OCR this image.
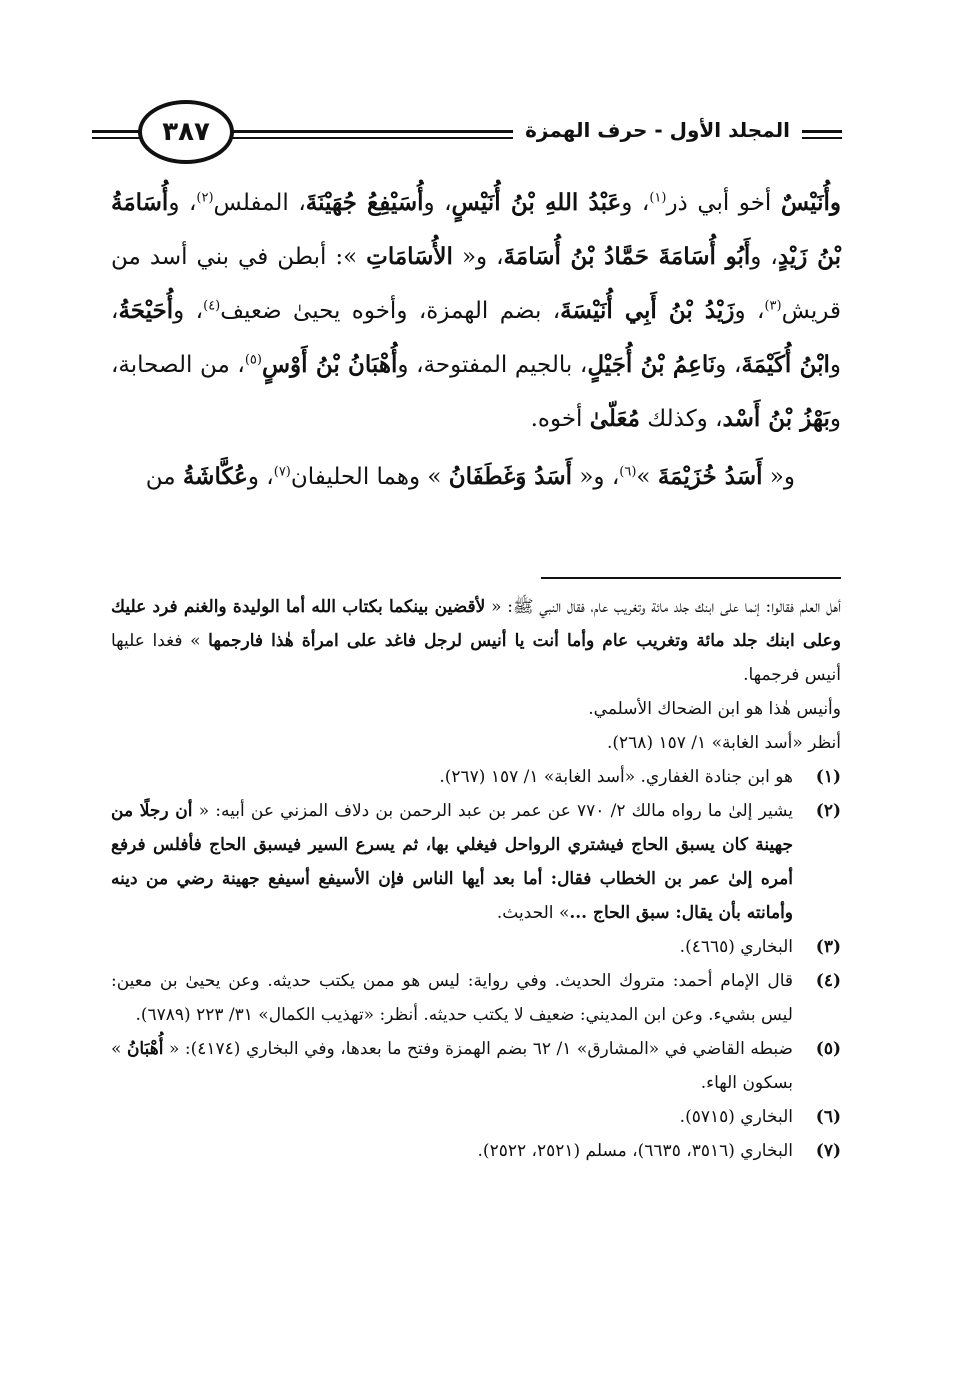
٣٨٧	المجلد الأول - حرف الهمزة

وأُنَيْسٌ أخو أبي ذر$^{(١)}$، وعَبْدُ اللهِ بْنُ أُنَيْسٍ، وأُسَيْفِعُ جُهَيْنَةَ، المفلس$^{(٢)}$، وأُسَامَةُ بْنُ زَيْدٍ، وأَبُو أُسَامَةَ حَمَّادُ بْنُ أُسَامَةَ، و« الأُسَامَاتِ »: أبطن في بني أسد من قريش$^{(٣)}$، وزَيْدُ بْنُ أَبِي أُنَيْسَةَ، بضم الهمزة، وأخوه يحيىٰ ضعيف$^{(٤)}$، وأُحَيْحَةُ، وابْنُ أُكَيْمَةَ، ونَاعِمُ بْنُ أُجَيْلٍ، بالجيم المفتوحة، وأُهْبَانُ بْنُ أَوْسٍ$^{(٥)}$، من الصحابة، وبَهْزُ بْنُ أَسْد، وكذلك مُعَلّىٰ أخوه.

و« أَسَدُ خُزَيْمَةَ »$^{(٦)}$، و« أَسَدُ وَغَطَفَانُ » وهما الحليفان$^{(٧)}$، وعُكَّاشَةُ من

أهل العلم فقالوا: إنما على ابنك جلد مائة وتغريب عام، فقال النبي ﷺ: « لأقضين بينكما بكتاب الله أما الوليدة والغنم فرد عليك وعلى ابنك جلد مائة وتغريب عام وأما أنت يا أنيس لرجل فاغد على امرأة هٰذا فارجمها » فغدا عليها أنيس فرجمها.

وأنيس هٰذا هو ابن الضحاك الأسلمي.

أنظر «أسد الغابة» ١/ ١٥٧ (٢٦٨).

(١)
هو ابن جنادة الغفاري. «أسد الغابة» ١/ ١٥٧ (٢٦٧).
(٢)
يشير إلىٰ ما رواه مالك ٢/ ٧٧٠ عن عمر بن عبد الرحمن بن دلاف المزني عن أبيه: « أن رجلًا من جهينة كان يسبق الحاج فيشتري الرواحل فيغلي بها، ثم يسرع السير فيسبق الحاج فأفلس فرفع أمره إلىٰ عمر بن الخطاب فقال: أما بعد أيها الناس فإن الأسيفع أسيفع جهينة رضي من دينه وأمانته بأن يقال: سبق الحاج ...» الحديث.
(٣)
البخاري (٤٦٦٥).
(٤)
قال الإمام أحمد: متروك الحديث. وفي رواية: ليس هو ممن يكتب حديثه. وعن يحيىٰ بن معين: ليس بشيء. وعن ابن المديني: ضعيف لا يكتب حديثه. أنظر: «تهذيب الكمال» ٣١/ ٢٢٣ (٦٧٨٩).
(٥)
ضبطه القاضي في «المشارق» ١/ ٦٢ بضم الهمزة وفتح ما بعدها، وفي البخاري (٤١٧٤): « أُهْبَانُ » بسكون الهاء.
(٦)
البخاري (٥٧١٥).
(٧)
البخاري (٣٥١٦، ٦٦٣٥)، مسلم (٢٥٢١، ٢٥٢٢).
